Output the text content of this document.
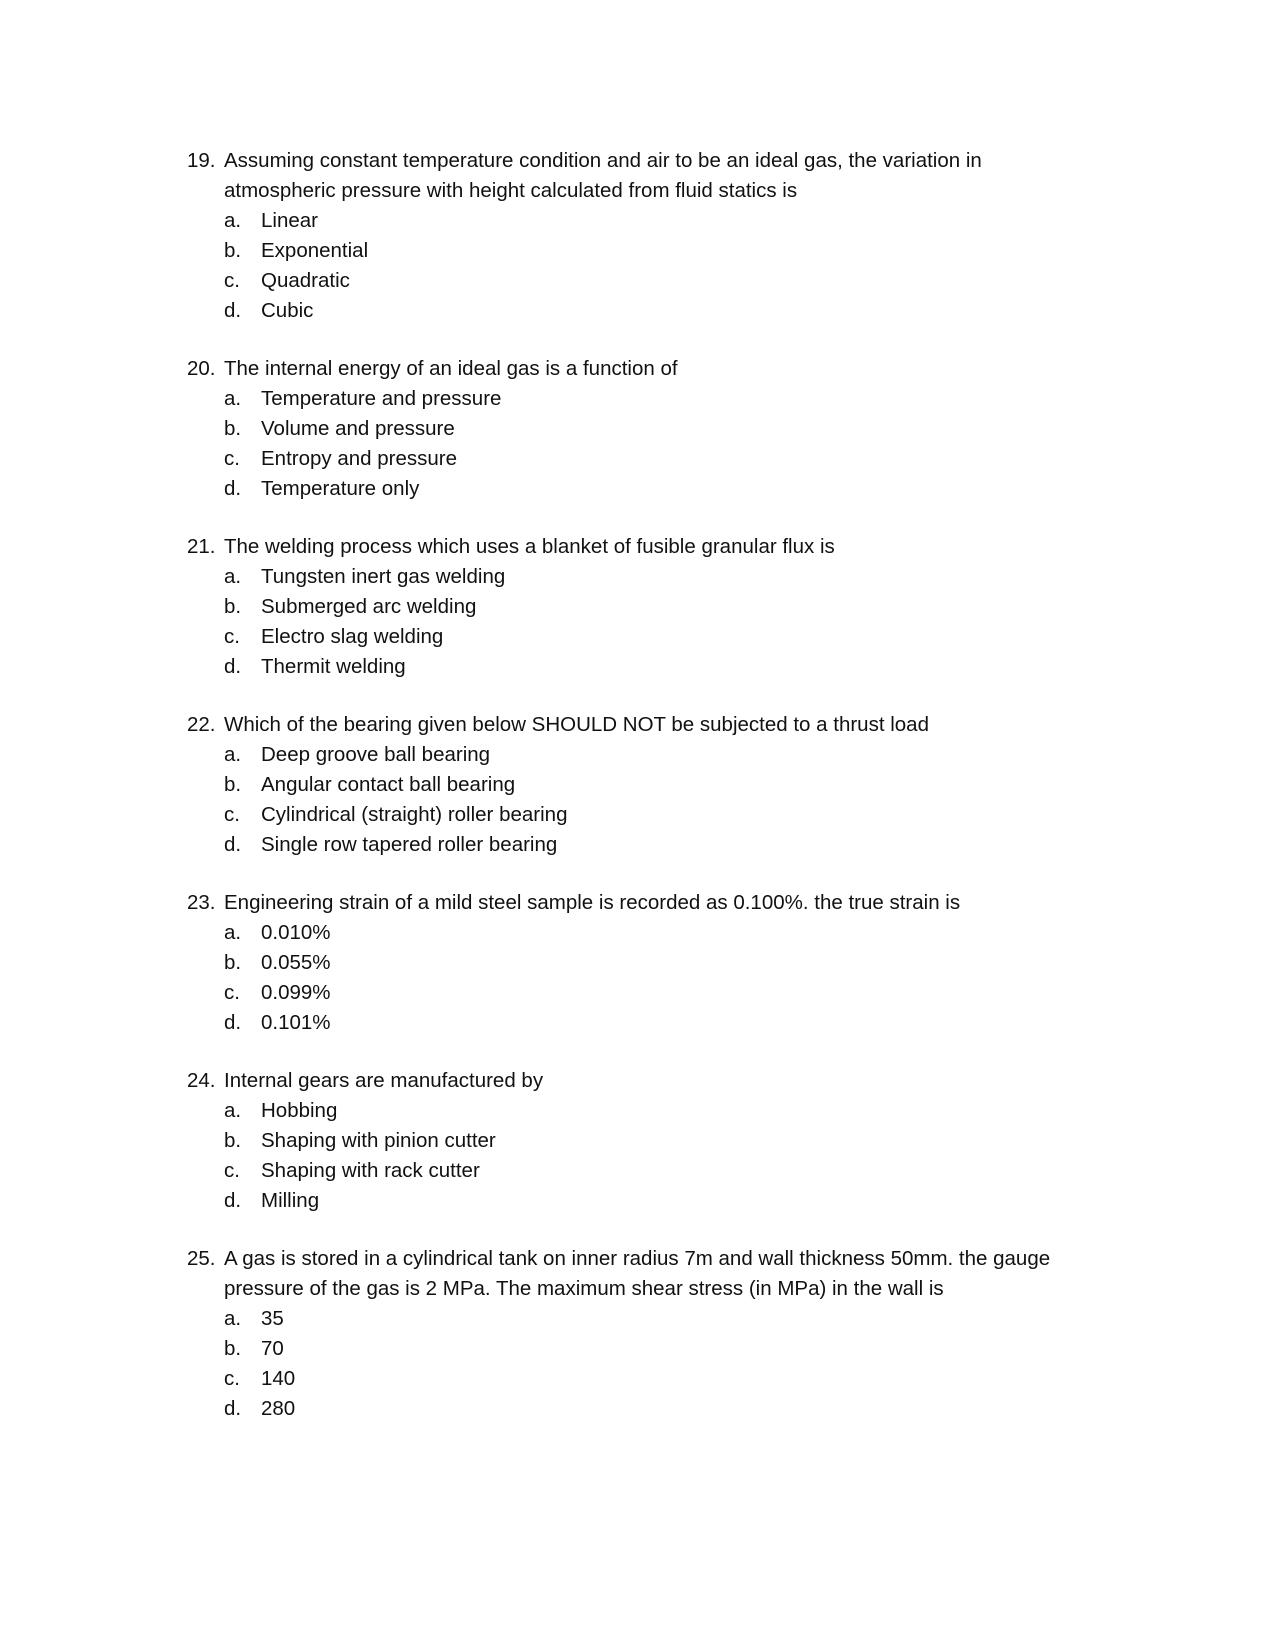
19. Assuming constant temperature condition and air to be an ideal gas, the variation in atmospheric pressure with height calculated from fluid statics is
a. Linear
b. Exponential
c.	Quadratic
d. Cubic
20. The internal energy of an ideal gas is a function of
a. Temperature and pressure
b. Volume and pressure
c.	Entropy and pressure
d. Temperature only
21. The welding process which uses a blanket of fusible granular flux is
a. Tungsten inert gas welding
b. Submerged arc welding
c.	Electro slag welding
d. Thermit welding
22. Which of the bearing given below SHOULD NOT be subjected to a thrust load
a. Deep groove ball bearing
b. Angular contact ball bearing
c.	Cylindrical (straight) roller bearing
d. Single row tapered roller bearing
23. Engineering strain of a mild steel sample is recorded as 0.100%. the true strain is
a. 0.010%
b. 0.055%
c.	0.099%
d. 0.101%
24. Internal gears are manufactured by
a. Hobbing
b. Shaping with pinion cutter
c.	Shaping with rack cutter
d. Milling
25. A gas is stored in a cylindrical tank on inner radius 7m and wall thickness 50mm. the gauge pressure of the gas is 2 MPa. The maximum shear stress (in MPa) in the wall is
a. 35
b. 70
c.	140
d. 280
